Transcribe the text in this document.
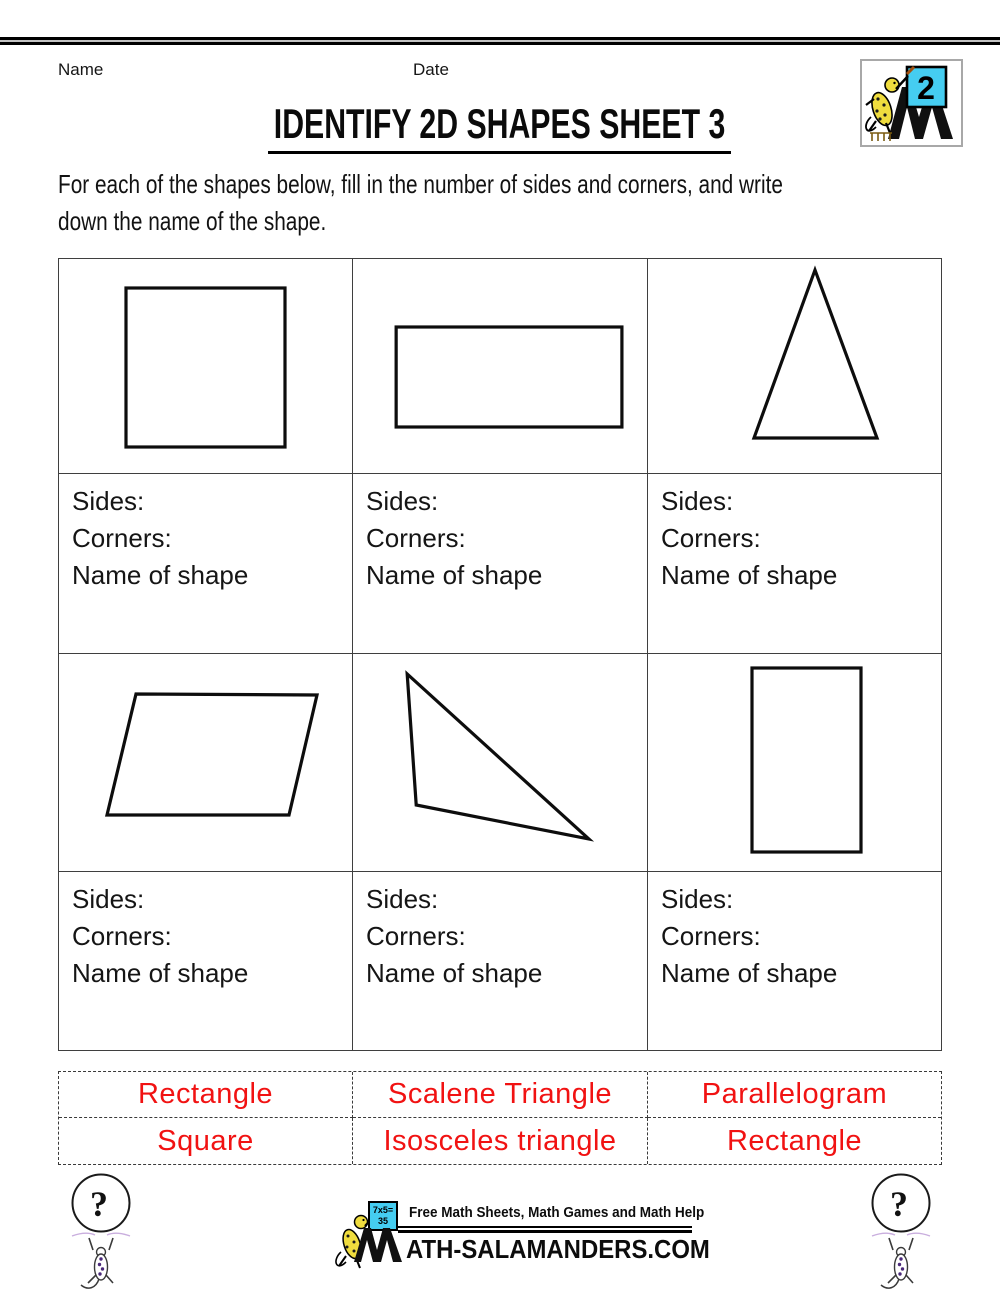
Name	Date
2
IDENTIFY 2D SHAPES SHEET 3
For each of the shapes below, fill in the number of sides and corners, and write
down the name of the shape.
Sides:
Corners:
Name of shape
Sides:
Corners:
Name of shape
Sides:
Corners:
Name of shape
Sides:
Corners:
Name of shape
Sides:
Corners:
Name of shape
Sides:
Corners:
Name of shape
Rectangle	Scalene Triangle	Parallelogram
Square	Isosceles triangle	Rectangle
?	7x5=
35	Free Math Sheets, Math Games and Math Help
ATH-SALAMANDERS.COM
?
